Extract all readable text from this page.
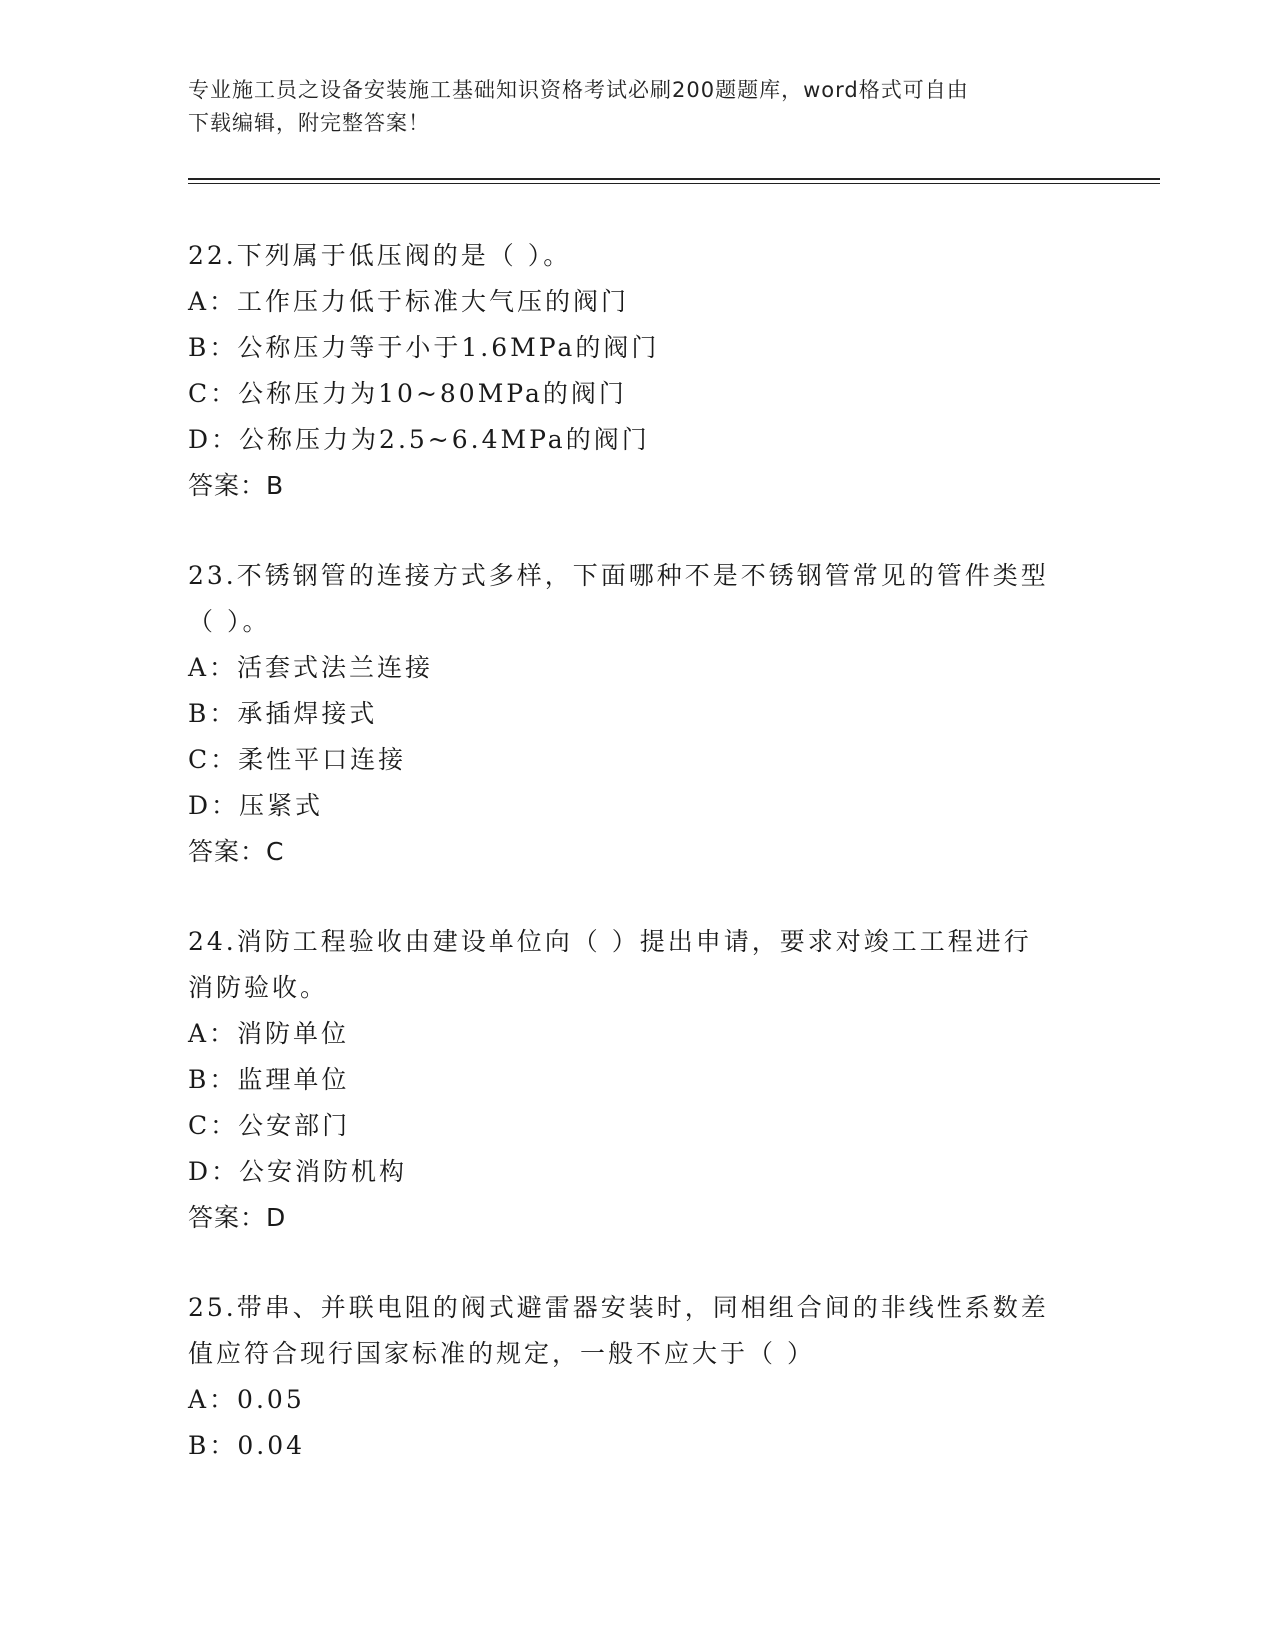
专业施工员之设备安装施工基础知识资格考试必刷200题题库，word格式可自由
下载编辑，附完整答案！

22.下列属于低压阀的是（ ）。

A：工作压力低于标准大气压的阀门

B：公称压力等于小于1.6MPa的阀门

C：公称压力为10~80MPa的阀门

D：公称压力为2.5~6.4MPa的阀门

答案：B

23.不锈钢管的连接方式多样，下面哪种不是不锈钢管常见的管件类型

（ ）。

A：活套式法兰连接

B：承插焊接式

C：柔性平口连接

D：压紧式

答案：C

24.消防工程验收由建设单位向（ ）提出申请，要求对竣工工程进行

消防验收。

A：消防单位

B：监理单位

C：公安部门

D：公安消防机构

答案：D

25.带串、并联电阻的阀式避雷器安装时，同相组合间的非线性系数差

值应符合现行国家标准的规定，一般不应大于（ ）

A：0.05

B：0.04
